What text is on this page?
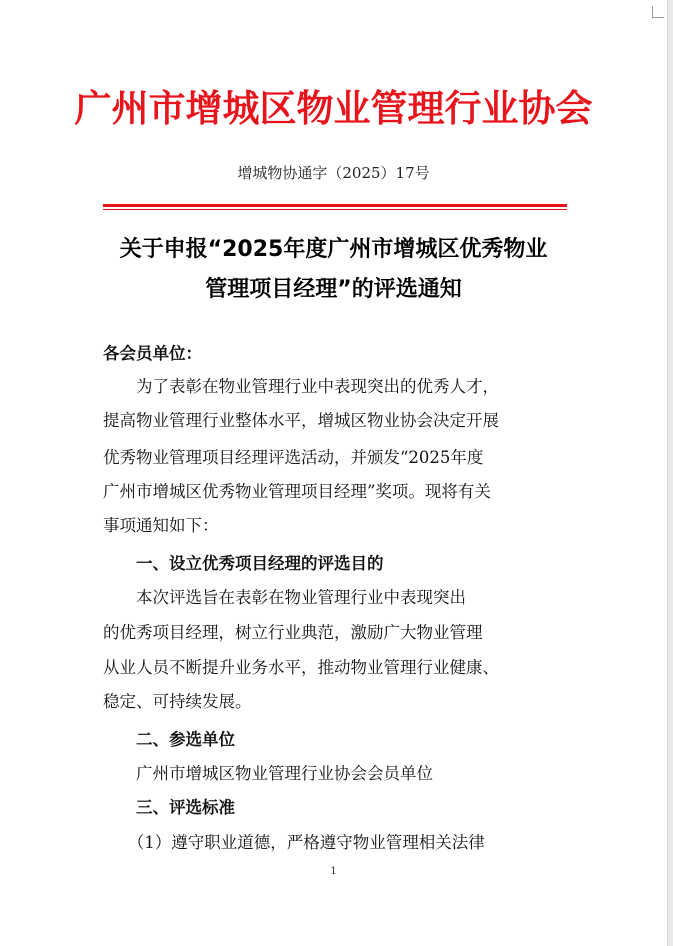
广州市增城区物业管理行业协会
增城物协通字（2025）17号
关于申报“2025年度广州市增城区优秀物业
管理项目经理”的评选通知
各会员单位：
　　为了表彰在物业管理行业中表现突出的优秀人才，
提高物业管理行业整体水平，增城区物业协会决定开展
优秀物业管理项目经理评选活动，并颁发“2025年度
广州市增城区优秀物业管理项目经理”奖项。现将有关
事项通知如下：
　　一、设立优秀项目经理的评选目的
　　本次评选旨在表彰在物业管理行业中表现突出
的优秀项目经理，树立行业典范，激励广大物业管理
从业人员不断提升业务水平，推动物业管理行业健康、
稳定、可持续发展。
　　二、参选单位
　　广州市增城区物业管理行业协会会员单位
　　三、评选标准
　　（1）遵守职业道德，严格遵守物业管理相关法律
1
